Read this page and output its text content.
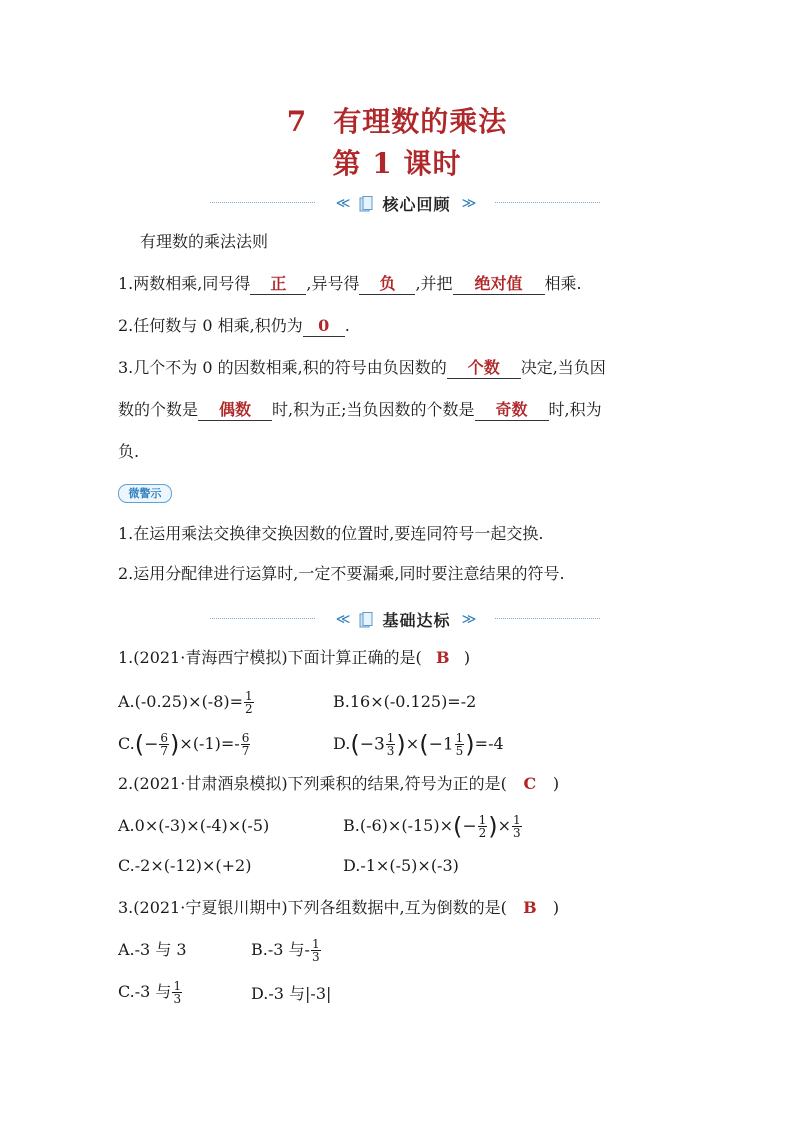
7 有理数的乘法
第 1 课时
≪ 核心回顾 ≫
有理数的乘法法则
1.两数相乘,同号得 正 ,异号得 负 ,并把 绝对值 相乘.
2.任何数与 0 相乘,积仍为 0 .
3.几个不为 0 的因数相乘,积的符号由负因数的 个数 决定,当负因
数的个数是 偶数 时,积为正;当负因数的个数是 奇数 时,积为
负.
微警示
1.在运用乘法交换律交换因数的位置时,要连同符号一起交换.
2.运用分配律进行运算时,一定不要漏乘,同时要注意结果的符号.
≪ 基础达标 ≫
1.(2021·青海西宁模拟)下面计算正确的是( B )
$A.(-0.25)\times(-8)= \frac{1}{2}$	B.16×(-0.125)=-2
$C.(- \frac{6}{7} )\times(-1)=- \frac{6}{7}$	$D.(-3 \frac{1}{3} )\times(-1 \frac{1}{5} )=-4$
2.(2021·甘肃酒泉模拟)下列乘积的结果,符号为正的是( C )
A.0×(-3)×(-4)×(-5)	$B.(-6)\times(-15)\times(- \frac{1}{2}$ )× $\frac{1}{3}$
C.-2×(-12)×(+2)	D.-1×(-5)×(-3)
3.(2021·宁夏银川期中)下列各组数据中,互为倒数的是( B )
A.-3 与 3	B.-3 与- $\frac{1}{3}$
C.-3 与 $\frac{1}{3}$	D.-3 与|-3|
